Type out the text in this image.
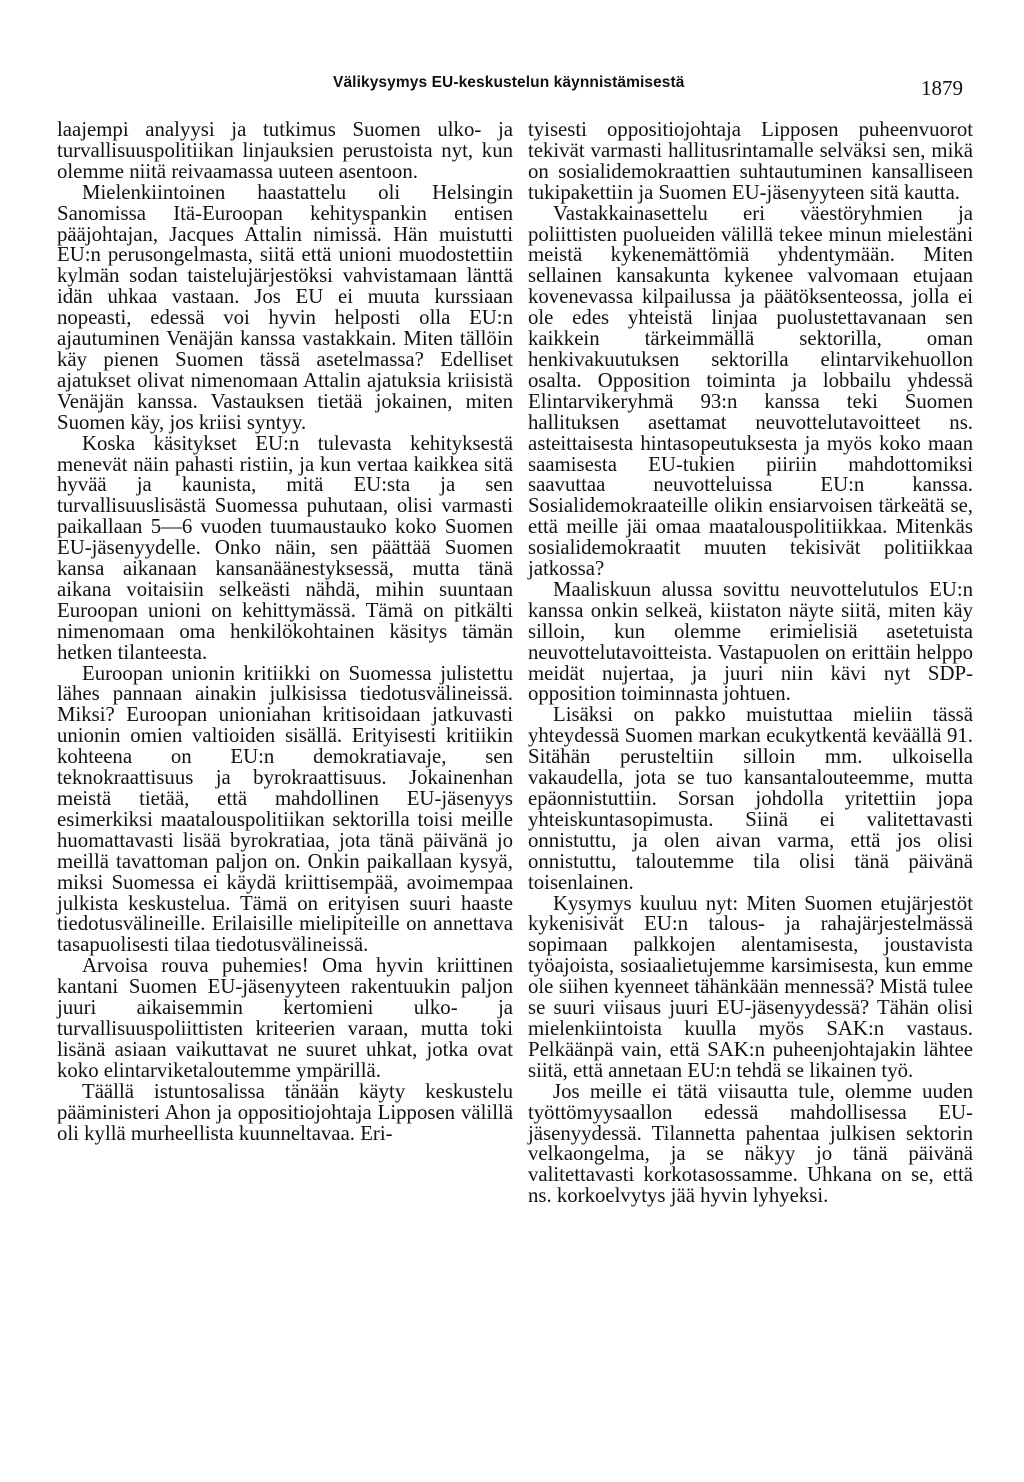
Välikysymys EU-keskustelun käynnistämisestä	1879

laajempi analyysi ja tutkimus Suomen ulko- ja turvallisuuspolitiikan linjauksien perustoista nyt, kun olemme niitä reivaamassa uuteen asentoon.

Mielenkiintoinen haastattelu oli Helsingin Sanomissa Itä-Euroopan kehityspankin entisen pääjohtajan, Jacques Attalin nimissä. Hän muistutti EU:n perusongelmasta, siitä että unioni muodostettiin kylmän sodan taistelujärjestöksi vahvistamaan länttä idän uhkaa vastaan. Jos EU ei muuta kurssiaan nopeasti, edessä voi hyvin helposti olla EU:n ajautuminen Venäjän kanssa vastakkain. Miten tällöin käy pienen Suomen tässä asetelmassa? Edelliset ajatukset olivat nimenomaan Attalin ajatuksia kriisistä Venäjän kanssa. Vastauksen tietää jokainen, miten Suomen käy, jos kriisi syntyy.

Koska käsitykset EU:n tulevasta kehityksestä menevät näin pahasti ristiin, ja kun vertaa kaikkea sitä hyvää ja kaunista, mitä EU:sta ja sen turvallisuuslisästä Suomessa puhutaan, olisi varmasti paikallaan 5—6 vuoden tuumaustauko koko Suomen EU-jäsenyydelle. Onko näin, sen päättää Suomen kansa aikanaan kansanäänestyksessä, mutta tänä aikana voitaisiin selkeästi nähdä, mihin suuntaan Euroopan unioni on kehittymässä. Tämä on pitkälti nimenomaan oma henkilökohtainen käsitys tämän hetken tilanteesta.

Euroopan unionin kritiikki on Suomessa julistettu lähes pannaan ainakin julkisissa tiedotusvälineissä. Miksi? Euroopan unioniahan kritisoidaan jatkuvasti unionin omien valtioiden sisällä. Erityisesti kritiikin kohteena on EU:n demokratiavaje, sen teknokraattisuus ja byrokraattisuus. Jokainenhan meistä tietää, että mahdollinen EU-jäsenyys esimerkiksi maatalouspolitiikan sektorilla toisi meille huomattavasti lisää byrokratiaa, jota tänä päivänä jo meillä tavattoman paljon on. Onkin paikallaan kysyä, miksi Suomessa ei käydä kriittisempää, avoimempaa julkista keskustelua. Tämä on erityisen suuri haaste tiedotusvälineille. Erilaisille mielipiteille on annettava tasapuolisesti tilaa tiedotusvälineissä.

Arvoisa rouva puhemies! Oma hyvin kriittinen kantani Suomen EU-jäsenyyteen rakentuukin paljon juuri aikaisemmin kertomieni ulko- ja turvallisuuspoliittisten kriteerien varaan, mutta toki lisänä asiaan vaikuttavat ne suuret uhkat, jotka ovat koko elintarviketaloutemme ympärillä.

Täällä istuntosalissa tänään käyty keskustelu pääministeri Ahon ja oppositiojohtaja Lipposen välillä oli kyllä murheellista kuunneltavaa. Eri-

tyisesti oppositiojohtaja Lipposen puheenvuorot tekivät varmasti hallitusrintamalle selväksi sen, mikä on sosialidemokraattien suhtautuminen kansalliseen tukipakettiin ja Suomen EU-jäsenyyteen sitä kautta.

Vastakkainasettelu eri väestöryhmien ja poliittisten puolueiden välillä tekee minun mielestäni meistä kykenemättömiä yhdentymään. Miten sellainen kansakunta kykenee valvomaan etujaan kovenevassa kilpailussa ja päätöksenteossa, jolla ei ole edes yhteistä linjaa puolustettavanaan sen kaikkein tärkeimmällä sektorilla, oman henkivakuutuksen sektorilla elintarvikehuollon osalta. Opposition toiminta ja lobbailu yhdessä Elintarvikeryhmä 93:n kanssa teki Suomen hallituksen asettamat neuvottelutavoitteet ns. asteittaisesta hintasopeutuksesta ja myös koko maan saamisesta EU-tukien piiriin mahdottomiksi saavuttaa neuvotteluissa EU:n kanssa. Sosialidemokraateille olikin ensiarvoisen tärkeätä se, että meille jäi omaa maatalouspolitiikkaa. Mitenkäs sosialidemokraatit muuten tekisivät politiikkaa jatkossa?

Maaliskuun alussa sovittu neuvottelutulos EU:n kanssa onkin selkeä, kiistaton näyte siitä, miten käy silloin, kun olemme erimielisiä asetetuista neuvottelutavoitteista. Vastapuolen on erittäin helppo meidät nujertaa, ja juuri niin kävi nyt SDP-opposition toiminnasta johtuen.

Lisäksi on pakko muistuttaa mieliin tässä yhteydessä Suomen markan ecukytkentä keväällä 91. Sitähän perusteltiin silloin mm. ulkoisella vakaudella, jota se tuo kansantalouteemme, mutta epäonnistuttiin. Sorsan johdolla yritettiin jopa yhteiskuntasopimusta. Siinä ei valitettavasti onnistuttu, ja olen aivan varma, että jos olisi onnistuttu, taloutemme tila olisi tänä päivänä toisenlainen.

Kysymys kuuluu nyt: Miten Suomen etujärjestöt kykenisivät EU:n talous- ja rahajärjestelmässä sopimaan palkkojen alentamisesta, joustavista työajoista, sosiaalietujemme karsimisesta, kun emme ole siihen kyenneet tähänkään mennessä? Mistä tulee se suuri viisaus juuri EU-jäsenyydessä? Tähän olisi mielenkiintoista kuulla myös SAK:n vastaus. Pelkäänpä vain, että SAK:n puheenjohtajakin lähtee siitä, että annetaan EU:n tehdä se likainen työ.

Jos meille ei tätä viisautta tule, olemme uuden työttömyysaallon edessä mahdollisessa EU-jäsenyydessä. Tilannetta pahentaa julkisen sektorin velkaongelma, ja se näkyy jo tänä päivänä valitettavasti korkotasossamme. Uhkana on se, että ns. korkoelvytys jää hyvin lyhyeksi.
